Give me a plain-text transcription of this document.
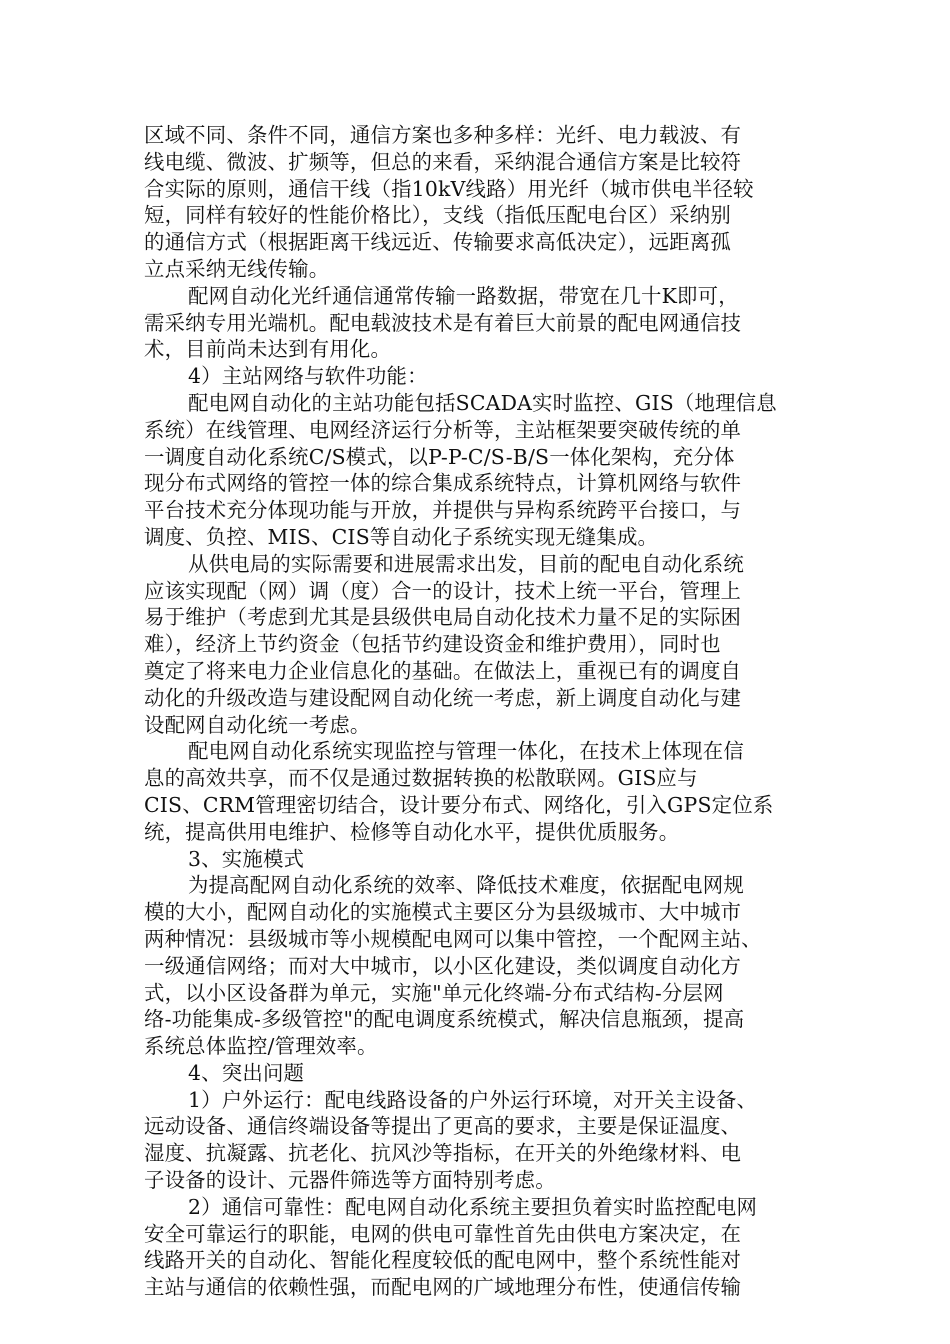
区域不同、条件不同，通信方案也多种多样：光纤、电力载波、有
线电缆、微波、扩频等，但总的来看，采纳混合通信方案是比较符
合实际的原则，通信干线（指10kV线路）用光纤（城市供电半径较
短，同样有较好的性能价格比），支线（指低压配电台区）采纳别
的通信方式（根据距离干线远近、传输要求高低决定），远距离孤
立点采纳无线传输。
配网自动化光纤通信通常传输一路数据，带宽在几十K即可，
需采纳专用光端机。配电载波技术是有着巨大前景的配电网通信技
术，目前尚未达到有用化。
4）主站网络与软件功能：
配电网自动化的主站功能包括SCADA实时监控、GIS（地理信息
系统）在线管理、电网经济运行分析等，主站框架要突破传统的单
一调度自动化系统C/S模式，以P-P-C/S-B/S一体化架构，充分体
现分布式网络的管控一体的综合集成系统特点，计算机网络与软件
平台技术充分体现功能与开放，并提供与异构系统跨平台接口，与
调度、负控、MIS、CIS等自动化子系统实现无缝集成。
从供电局的实际需要和进展需求出发，目前的配电自动化系统
应该实现配（网）调（度）合一的设计，技术上统一平台，管理上
易于维护（考虑到尤其是县级供电局自动化技术力量不足的实际困
难），经济上节约资金（包括节约建设资金和维护费用），同时也
奠定了将来电力企业信息化的基础。在做法上，重视已有的调度自
动化的升级改造与建设配网自动化统一考虑，新上调度自动化与建
设配网自动化统一考虑。
配电网自动化系统实现监控与管理一体化，在技术上体现在信
息的高效共享，而不仅是通过数据转换的松散联网。GIS应与
CIS、CRM管理密切结合，设计要分布式、网络化，引入GPS定位系
统，提高供用电维护、检修等自动化水平，提供优质服务。
3、实施模式
为提高配网自动化系统的效率、降低技术难度，依据配电网规
模的大小，配网自动化的实施模式主要区分为县级城市、大中城市
两种情况：县级城市等小规模配电网可以集中管控，一个配网主站、
一级通信网络；而对大中城市，以小区化建设，类似调度自动化方
式，以小区设备群为单元，实施"单元化终端-分布式结构-分层网
络-功能集成-多级管控"的配电调度系统模式，解决信息瓶颈，提高
系统总体监控/管理效率。
4、突出问题
1）户外运行：配电线路设备的户外运行环境，对开关主设备、
远动设备、通信终端设备等提出了更高的要求，主要是保证温度、
湿度、抗凝露、抗老化、抗风沙等指标，在开关的外绝缘材料、电
子设备的设计、元器件筛选等方面特别考虑。
2）通信可靠性：配电网自动化系统主要担负着实时监控配电网
安全可靠运行的职能，电网的供电可靠性首先由供电方案决定，在
线路开关的自动化、智能化程度较低的配电网中，整个系统性能对
主站与通信的依赖性强，而配电网的广域地理分布性，使通信传输
